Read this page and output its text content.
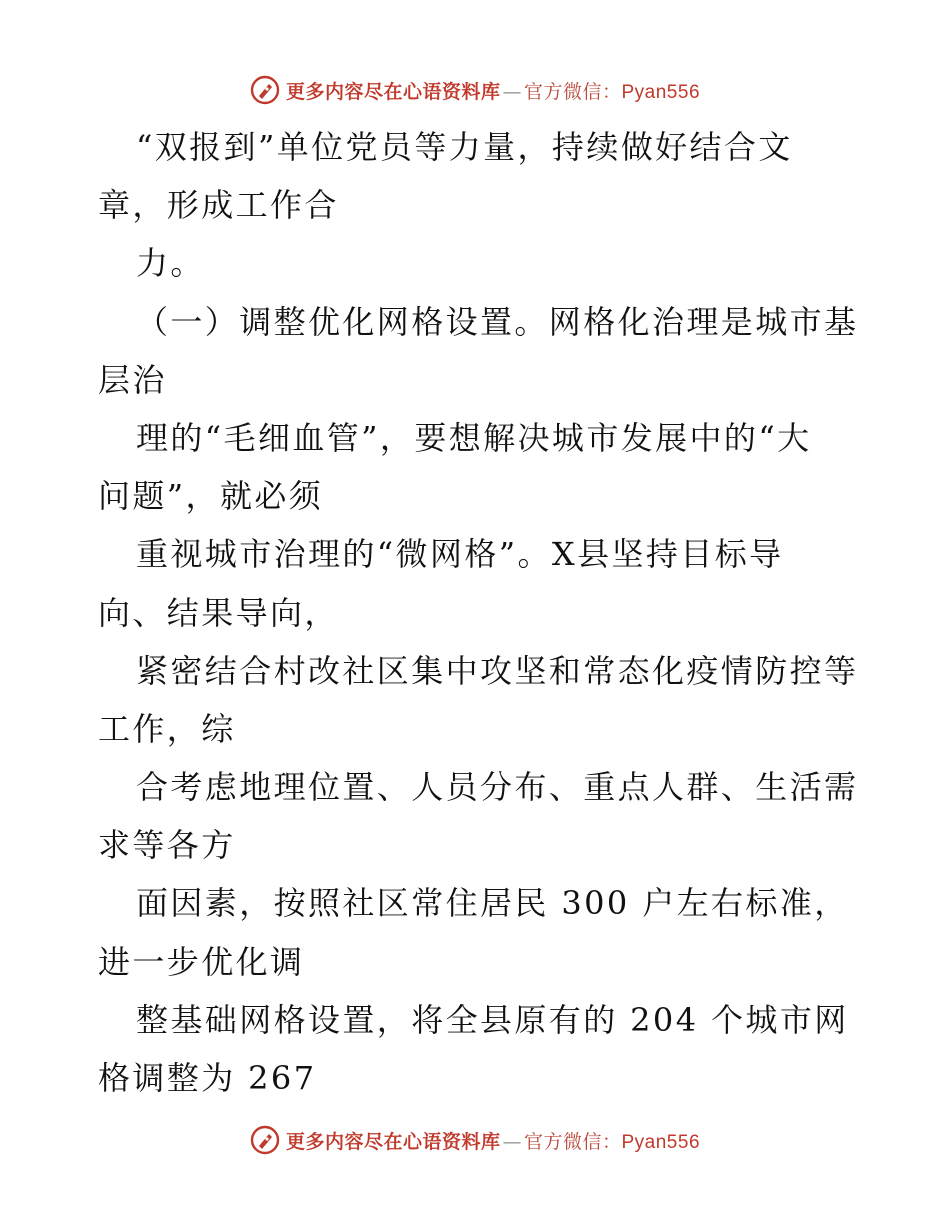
更多内容尽在心语资料库 — 官方微信：Pyan556
“双报到”单位党员等力量，持续做好结合文
章，形成工作合
力。
（一）调整优化网格设置。网格化治理是城市基
层治
理的“毛细血管”，要想解决城市发展中的“大
问题”，就必须
重视城市治理的“微网格”。X县坚持目标导
向、结果导向，
紧密结合村改社区集中攻坚和常态化疫情防控等
工作，综
合考虑地理位置、人员分布、重点人群、生活需
求等各方
面因素，按照社区常住居民 300 户左右标准，
进一步优化调
整基础网格设置，将全县原有的 204 个城市网
格调整为 267
更多内容尽在心语资料库 — 官方微信：Pyan556
